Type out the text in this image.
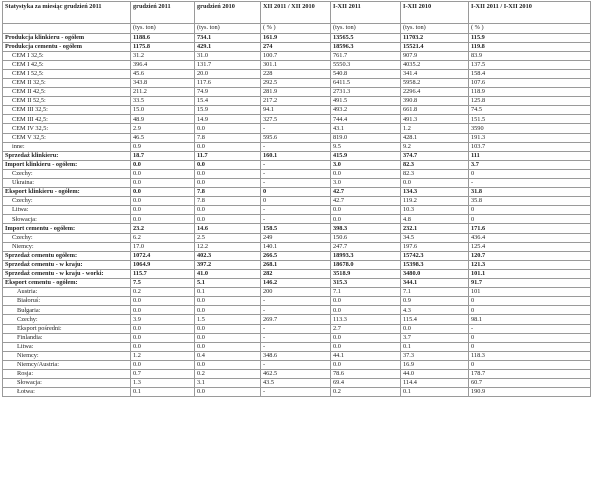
Statystyka za miesiąc grudzień 2011	grudzień 2011	grudzień 2010	XII 2011 / XII 2010	I-XII 2011	I-XII 2010	I-XII 2011 / I-XII 2010
	(tys. ton)	(tys. ton)	( % )	(tys. ton)	(tys. ton)	( % )
Produkcja klinkieru - ogółem	1188.6	734.1	161.9	13565.5	11703.2	115.9
Produkcja cementu - ogółem	1175.8	429.1	274	18596.3	15521.4	119.8
CEM I 32,5:	31.2	31.0	100.7	761.7	907.9	83.9
CEM I 42,5:	396.4	131.7	301.1	5550.3	4035.2	137.5
CEM I 52,5:	45.6	20.0	228	540.8	341.4	158.4
CEM II 32,5:	343.8	117.6	292.5	6411.5	5958.2	107.6
CEM II 42,5:	211.2	74.9	281.9	2731.3	2296.4	118.9
CEM II 52,5:	33.5	15.4	217.2	491.5	390.8	125.8
CEM III 32,5:	15.0	15.9	94.1	493.2	661.8	74.5
CEM III 42,5:	48.9	14.9	327.5	744.4	491.3	151.5
CEM IV 32,5:	2.9	0.0	-	43.1	1.2	3590
CEM V 32,5:	46.5	7.8	595.6	819.0	428.1	191.3
inne:	0.9	0.0	-	9.5	9.2	103.7
Sprzedaż klinkieru:	18.7	11.7	160.1	415.9	374.7	111
Import klinkieru - ogółem:	0.0	0.0	-	3.0	82.3	3.7
Czechy:	0.0	0.0	-	0.0	82.3	0
Ukraina:	0.0	0.0	-	3.0	0.0	-
Eksport klinkieru - ogółem:	0.0	7.8	0	42.7	134.3	31.8
Czechy:	0.0	7.8	0	42.7	119.2	35.8
Litwa:	0.0	0.0	-	0.0	10.3	0
Słowacja:	0.0	0.0	-	0.0	4.8	0
Import cementu - ogółem:	23.2	14.6	158.5	398.3	232.1	171.6
Czechy:	6.2	2.5	249	150.6	34.5	436.4
Niemcy:	17.0	12.2	140.1	247.7	197.6	125.4
Sprzedaż cementu ogółem:	1072.4	402.3	266.5	18993.3	15742.3	120.7
Sprzedaż cementu - w kraju:	1064.9	397.2	268.1	18678.0	15398.3	121.3
Sprzedaż cementu - w kraju - worki:	115.7	41.0	282	3518.9	3480.0	101.1
Eksport cementu - ogółem:	7.5	5.1	146.2	315.3	344.1	91.7
Austria:	0.2	0.1	200	7.1	7.1	101
Białoruś:	0.0	0.0	-	0.0	0.9	0
Bułgaria:	0.0	0.0	-	0.0	4.3	0
Czechy:	3.9	1.5	269.7	113.3	115.4	98.1
Eksport pośredni:	0.0	0.0	-	2.7	0.0	-
Finlandia:	0.0	0.0	-	0.0	3.7	0
Litwa:	0.0	0.0	-	0.0	0.1	0
Niemcy:	1.2	0.4	348.6	44.1	37.3	118.3
Niemcy/Austria:	0.0	0.0	-	0.0	16.9	0
Rosja:	0.7	0.2	462.5	78.6	44.0	178.7
Słowacja:	1.3	3.1	43.5	69.4	114.4	60.7
Łotwa:	0.1	0.0	-	0.2	0.1	190.9
